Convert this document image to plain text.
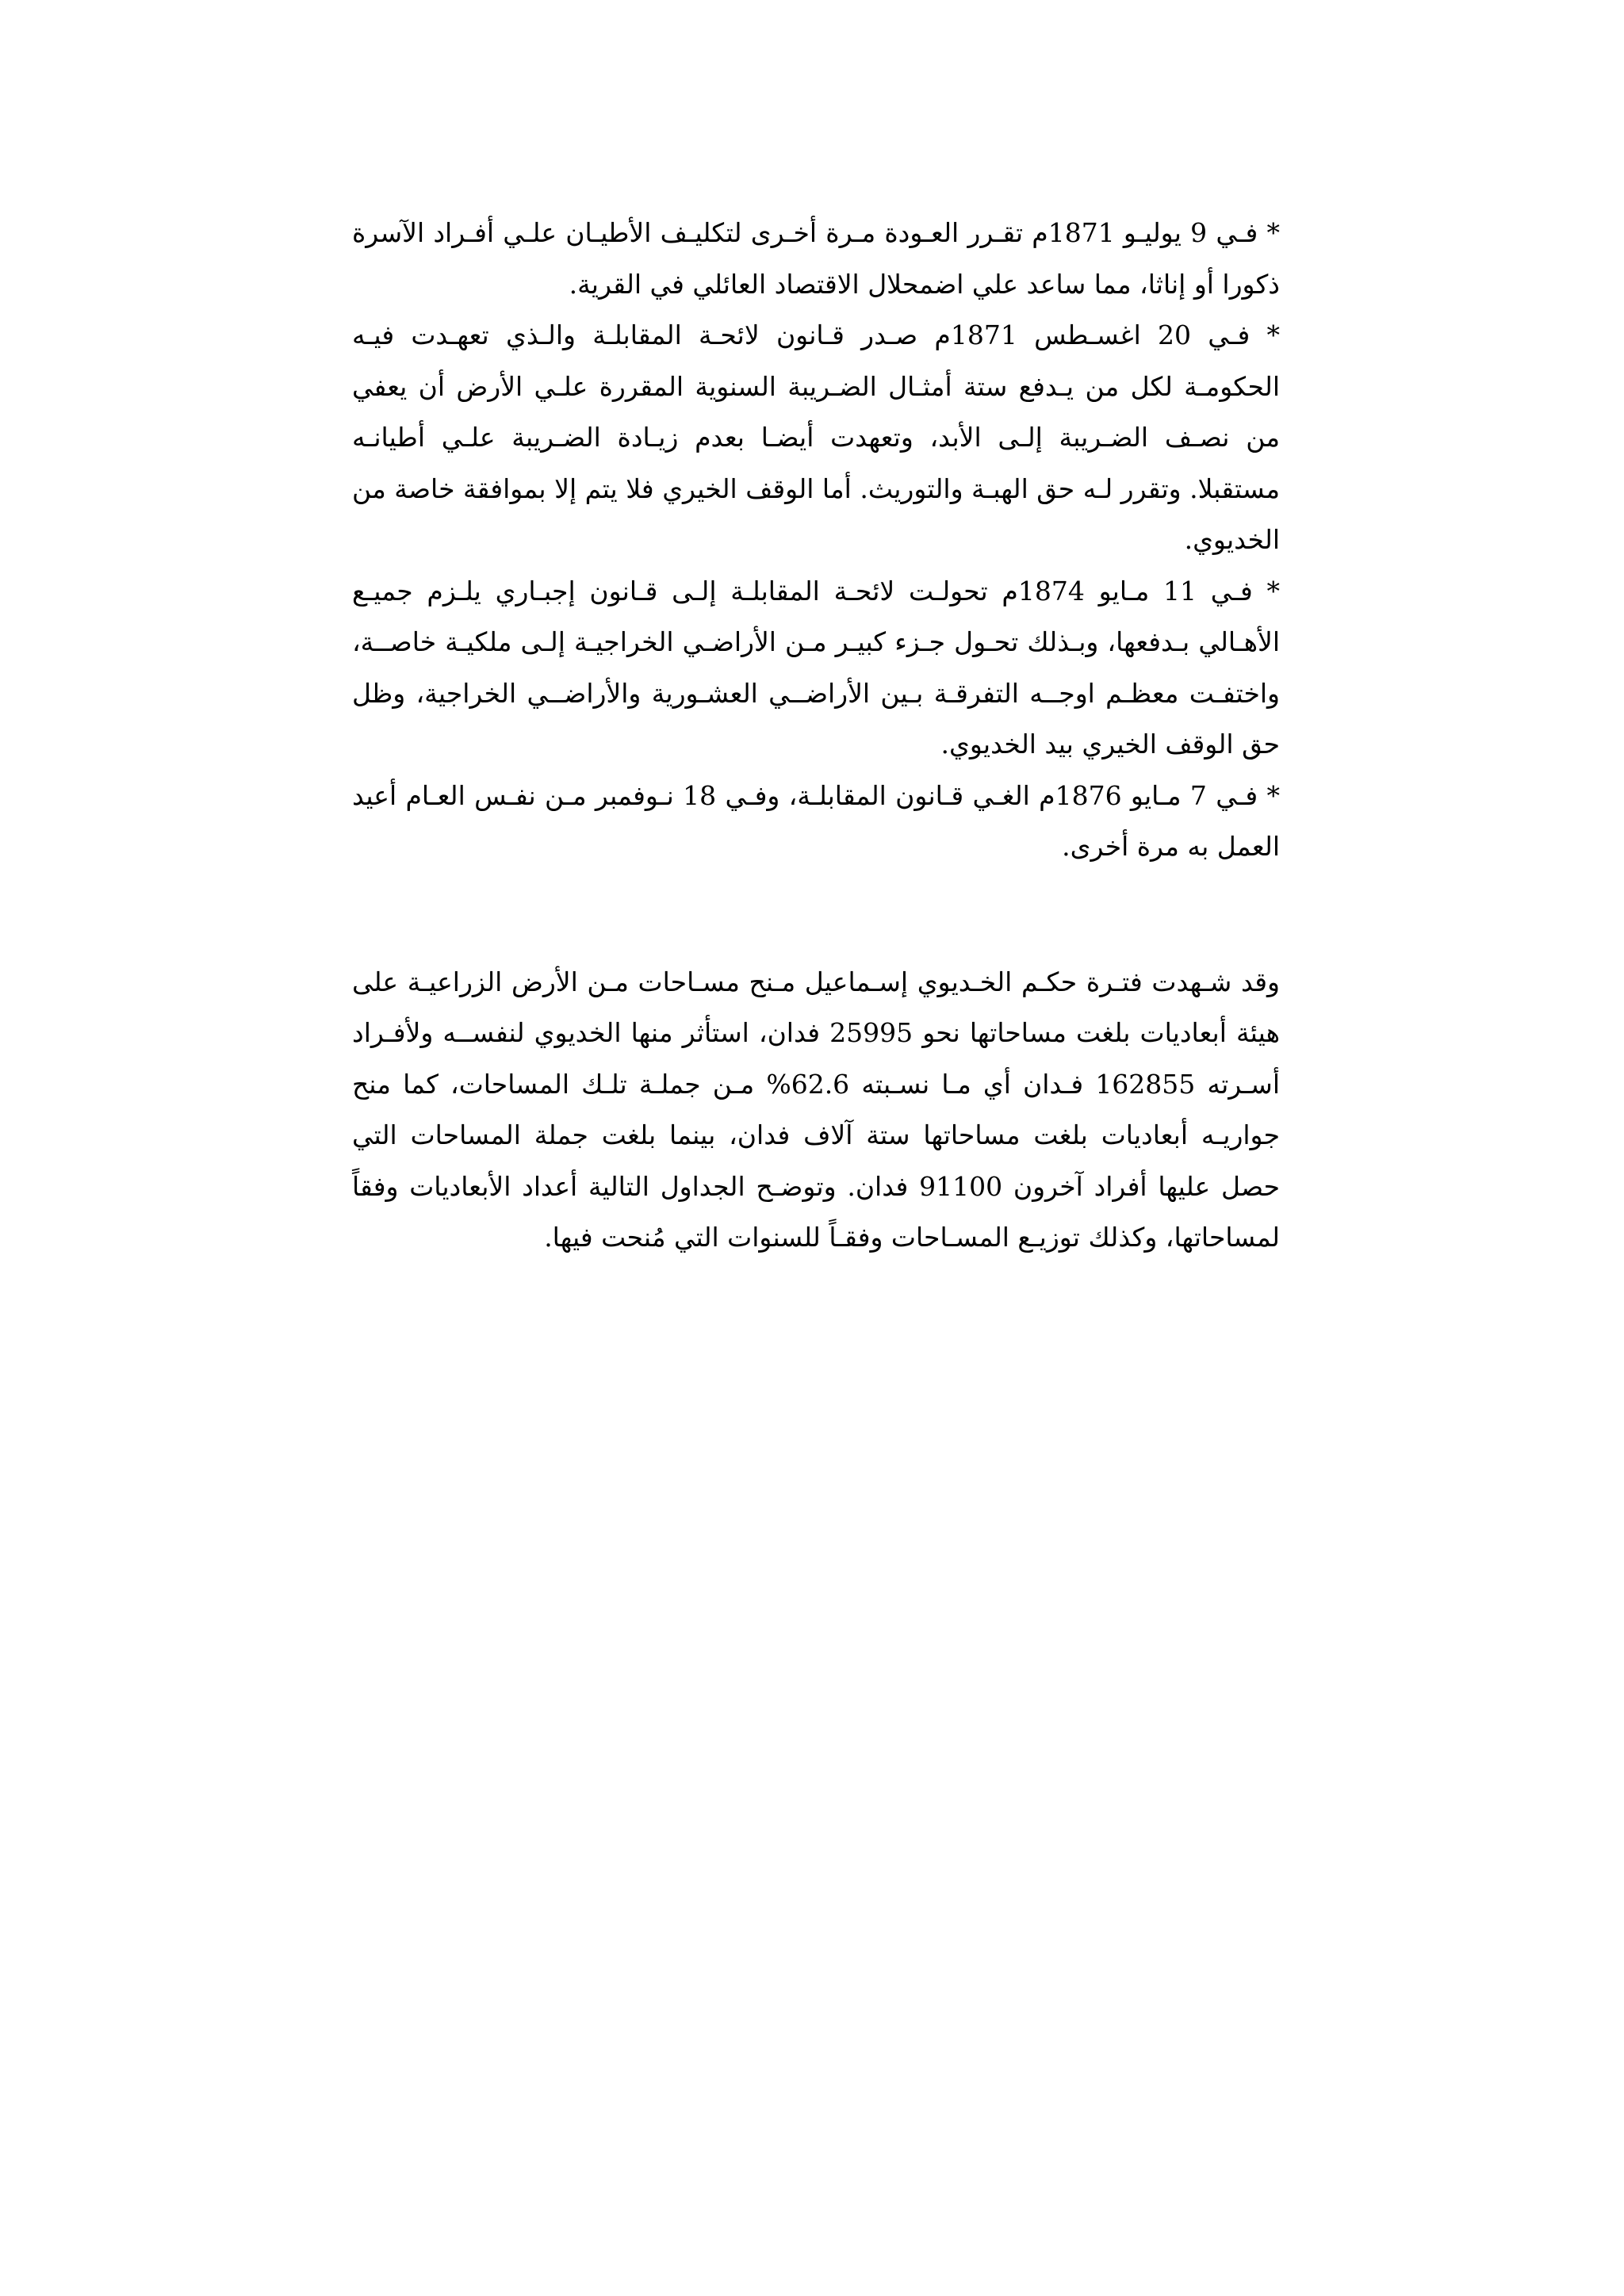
* فـي 9 يوليـو 1871م تقـرر العـودة مـرة أخـرى لتكليـف الأطيـان علـي أفـراد الآسرة ذكورا أو إناثا، مما ساعد علي اضمحلال الاقتصاد العائلي في القرية.

* فـي 20 اغسـطس 1871م صـدر قـانون لائحـة المقابلـة والـذي تعهـدت فيـه الحكومـة لكل من يـدفع ستة أمثـال الضـريبة السنوية المقررة علـي الأرض أن يعفي من نصـف الضـريبة إلـى الأبد، وتعهدت أيضـا بعدم زيـادة الضـريبة علـي أطيانـه مستقبلا. وتقرر لـه حق الهبـة والتوريث. أما الوقف الخيري فلا يتم إلا بموافقة خاصة من الخديوي.

* فـي 11 مـايو 1874م تحولـت لائحـة المقابلـة إلـى قـانون إجبـاري يلـزم جميـع الأهـالي بـدفعها، وبـذلك تحـول جـزء كبيـر مـن الأراضـي الخراجيـة إلـى ملكيـة خاصــة، واختفـت معظـم اوجــه التفرقـة بـين الأراضــي العشـورية والأراضــي الخراجية، وظل حق الوقف الخيري بيد الخديوي.

* فـي 7 مـايو 1876م الغـي قـانون المقابلـة، وفـي 18 نـوفمبر مـن نفـس العـام أعيد العمل به مرة أخرى.

وقد شـهدت فتـرة حكـم الخـديوي إسـماعيل مـنح مسـاحات مـن الأرض الزراعيـة على هيئة أبعاديات بلغت مساحاتها نحو 25995 فدان، استأثر منها الخديوي لنفســه ولأفـراد أسـرته 162855 فـدان أي مـا نسـبته 62.6% مـن جملـة تلـك المساحات، كما منح جواريـه أبعاديات بلغت مساحاتها ستة آلاف فدان، بينما بلغت جملة المساحات التي حصل عليها أفراد آخرون 91100 فدان. وتوضـح الجداول التالية أعداد الأبعاديات وفقاً لمساحاتها، وكذلك توزيـع المسـاحات وفقـاً للسنوات التي مُنحت فيها.
